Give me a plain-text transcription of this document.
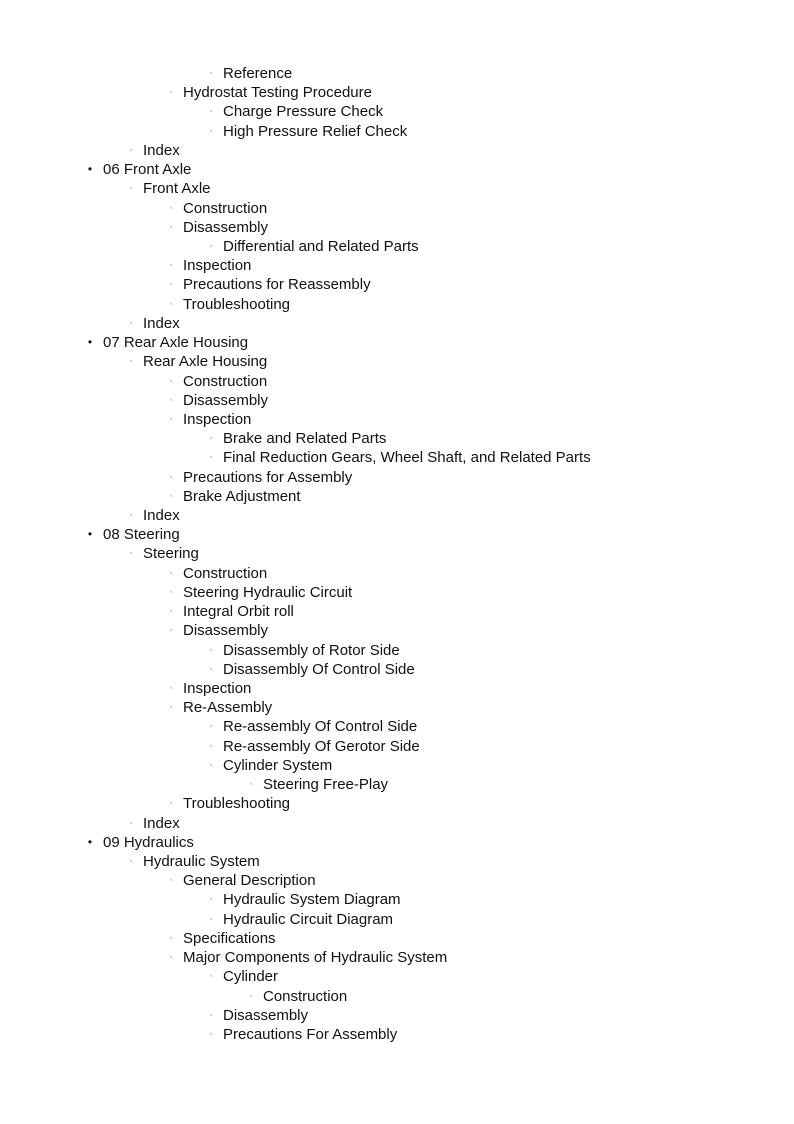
◦ Reference
◦ Hydrostat Testing Procedure
◦ Charge Pressure Check
◦ High Pressure Relief Check
◦ Index
• 06 Front Axle
◦ Front Axle
◦ Construction
◦ Disassembly
◦ Differential and Related Parts
◦ Inspection
◦ Precautions for Reassembly
◦ Troubleshooting
◦ Index
• 07 Rear Axle Housing
◦ Rear Axle Housing
◦ Construction
◦ Disassembly
◦ Inspection
◦ Brake and Related Parts
◦ Final Reduction Gears, Wheel Shaft, and Related Parts
◦ Precautions for Assembly
◦ Brake Adjustment
◦ Index
• 08 Steering
◦ Steering
◦ Construction
◦ Steering Hydraulic Circuit
◦ Integral Orbit roll
◦ Disassembly
◦ Disassembly of Rotor Side
◦ Disassembly Of Control Side
◦ Inspection
◦ Re-Assembly
◦ Re-assembly Of Control Side
◦ Re-assembly Of Gerotor Side
◦ Cylinder System
◦ Steering Free-Play
◦ Troubleshooting
◦ Index
• 09 Hydraulics
◦ Hydraulic System
◦ General Description
◦ Hydraulic System Diagram
◦ Hydraulic Circuit Diagram
◦ Specifications
◦ Major Components of Hydraulic System
◦ Cylinder
◦ Construction
◦ Disassembly
◦ Precautions For Assembly
